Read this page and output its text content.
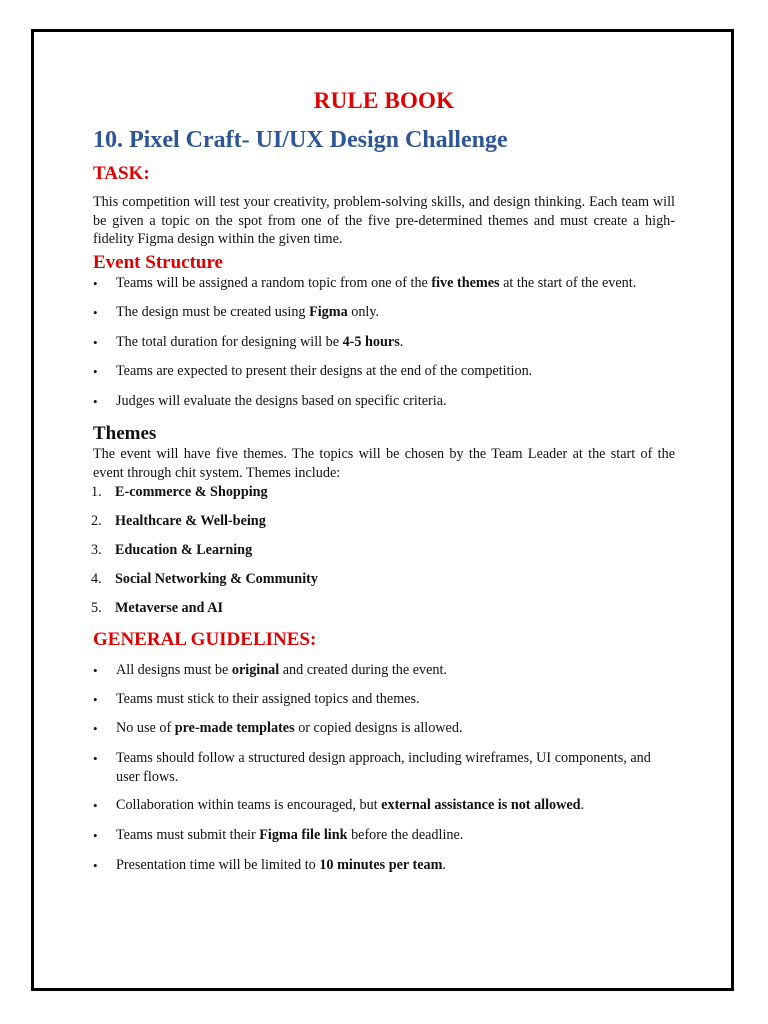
RULE BOOK
10. Pixel Craft- UI/UX Design Challenge
TASK:
This competition will test your creativity, problem-solving skills, and design thinking. Each team will be given a topic on the spot from one of the five pre-determined themes and must create a high-fidelity Figma design within the given time.
Event Structure
•	Teams will be assigned a random topic from one of the five themes at the start of the event.
•	The design must be created using Figma only.
•	The total duration for designing will be 4-5 hours.
•	Teams are expected to present their designs at the end of the competition.
•	Judges will evaluate the designs based on specific criteria.
Themes
The event will have five themes. The topics will be chosen by the Team Leader at the start of the event through chit system. Themes include:
1. E-commerce & Shopping
2. Healthcare & Well-being
3. Education & Learning
4. Social Networking & Community
5. Metaverse and AI
GENERAL GUIDELINES:
•	All designs must be original and created during the event.
•	Teams must stick to their assigned topics and themes.
•	No use of pre-made templates or copied designs is allowed.
•	Teams should follow a structured design approach, including wireframes, UI components, and user flows.
•	Collaboration within teams is encouraged, but external assistance is not allowed.
•	Teams must submit their Figma file link before the deadline.
•	Presentation time will be limited to 10 minutes per team.
